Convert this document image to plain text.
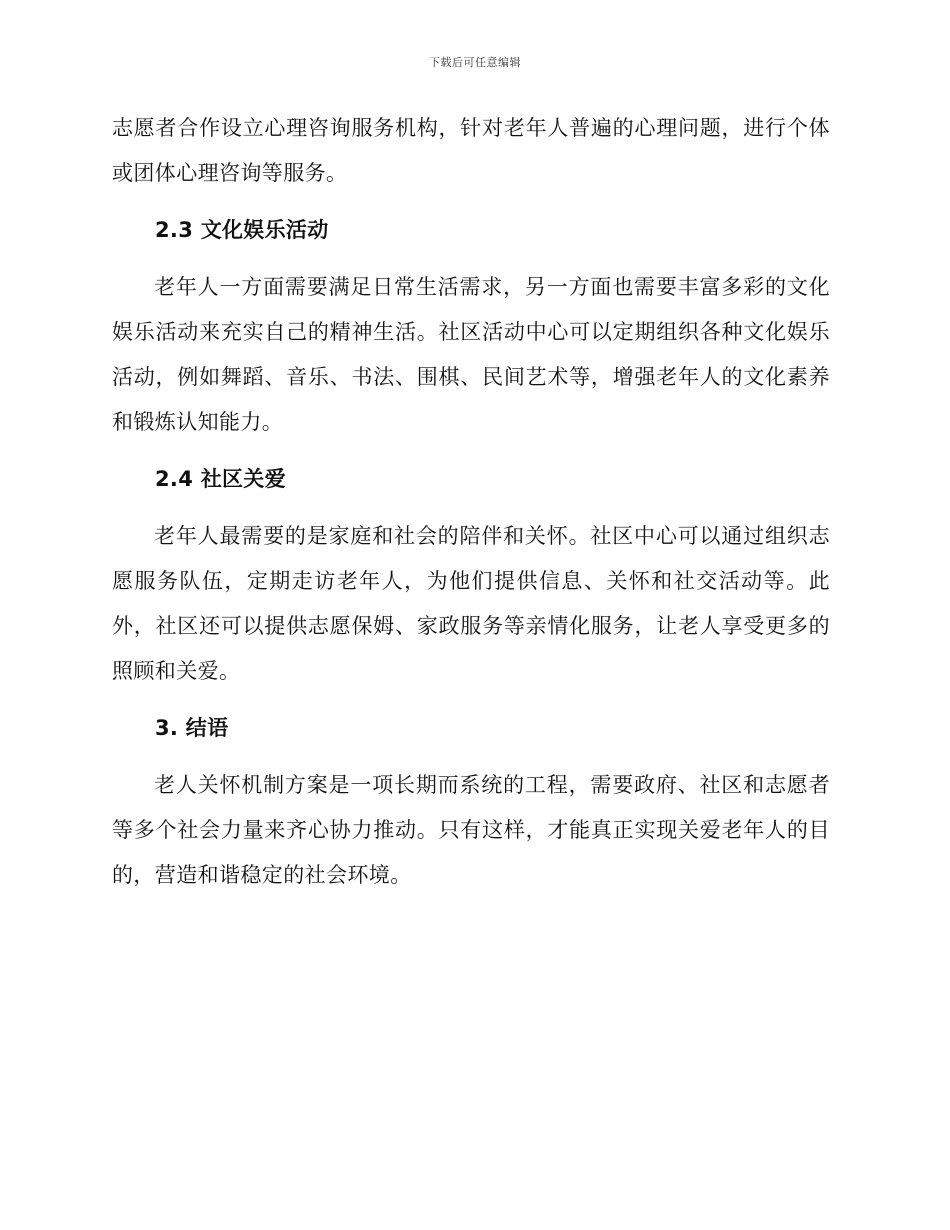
下载后可任意编辑

志愿者合作设立心理咨询服务机构，针对老年人普遍的心理问题，进行个体或团体心理咨询等服务。

2.3 文化娱乐活动

老年人一方面需要满足日常生活需求，另一方面也需要丰富多彩的文化娱乐活动来充实自己的精神生活。社区活动中心可以定期组织各种文化娱乐活动，例如舞蹈、音乐、书法、围棋、民间艺术等，增强老年人的文化素养和锻炼认知能力。

2.4 社区关爱

老年人最需要的是家庭和社会的陪伴和关怀。社区中心可以通过组织志愿服务队伍，定期走访老年人，为他们提供信息、关怀和社交活动等。此外，社区还可以提供志愿保姆、家政服务等亲情化服务，让老人享受更多的照顾和关爱。

3. 结语

老人关怀机制方案是一项长期而系统的工程，需要政府、社区和志愿者等多个社会力量来齐心协力推动。只有这样，才能真正实现关爱老年人的目的，营造和谐稳定的社会环境。
